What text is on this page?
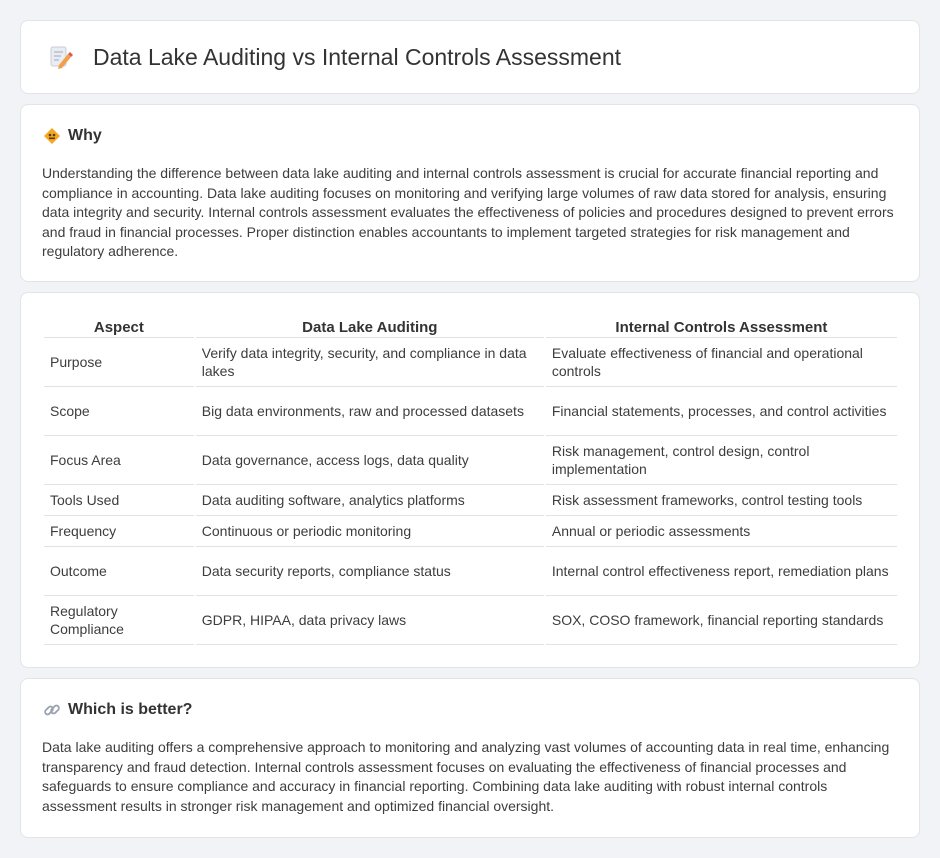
Data Lake Auditing vs Internal Controls Assessment
Why

Understanding the difference between data lake auditing and internal controls assessment is crucial for accurate financial reporting and compliance in accounting. Data lake auditing focuses on monitoring and verifying large volumes of raw data stored for analysis, ensuring data integrity and security. Internal controls assessment evaluates the effectiveness of policies and procedures designed to prevent errors and fraud in financial processes. Proper distinction enables accountants to implement targeted strategies for risk management and regulatory adherence.

Aspect	Data Lake Auditing	Internal Controls Assessment
Purpose	Verify data integrity, security, and compliance in data lakes	Evaluate effectiveness of financial and operational controls
Scope	Big data environments, raw and processed datasets	Financial statements, processes, and control activities
Focus Area	Data governance, access logs, data quality	Risk management, control design, control implementation
Tools Used	Data auditing software, analytics platforms	Risk assessment frameworks, control testing tools
Frequency	Continuous or periodic monitoring	Annual or periodic assessments
Outcome	Data security reports, compliance status	Internal control effectiveness report, remediation plans
Regulatory Compliance	GDPR, HIPAA, data privacy laws	SOX, COSO framework, financial reporting standards
Which is better?

Data lake auditing offers a comprehensive approach to monitoring and analyzing vast volumes of accounting data in real time, enhancing transparency and fraud detection. Internal controls assessment focuses on evaluating the effectiveness of financial processes and safeguards to ensure compliance and accuracy in financial reporting. Combining data lake auditing with robust internal controls assessment results in stronger risk management and optimized financial oversight.
